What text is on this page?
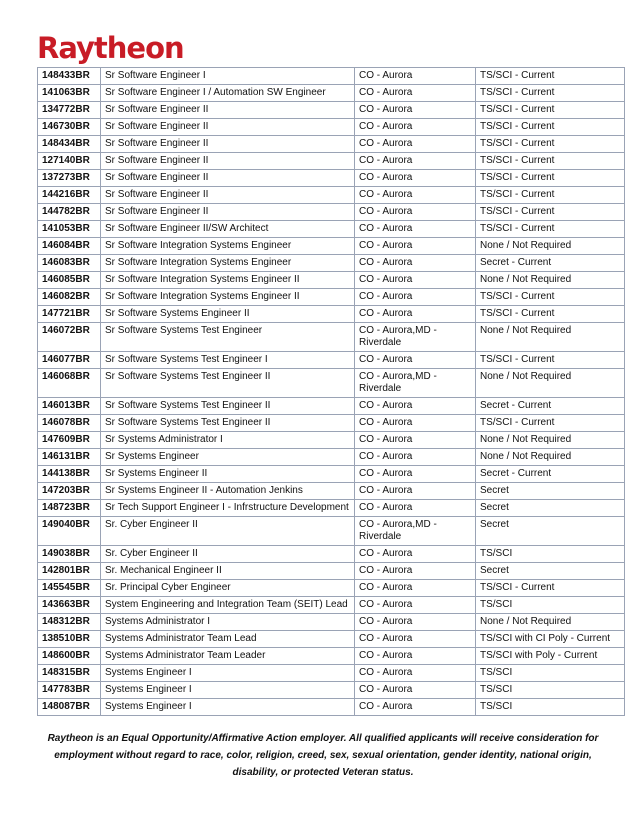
Raytheon
148433BR	Sr Software Engineer I	CO - Aurora	TS/SCI - Current
141063BR	Sr Software Engineer I / Automation SW Engineer	CO - Aurora	TS/SCI - Current
134772BR	Sr Software Engineer II	CO - Aurora	TS/SCI - Current
146730BR	Sr Software Engineer II	CO - Aurora	TS/SCI - Current
148434BR	Sr Software Engineer II	CO - Aurora	TS/SCI - Current
127140BR	Sr Software Engineer II	CO - Aurora	TS/SCI - Current
137273BR	Sr Software Engineer II	CO - Aurora	TS/SCI - Current
144216BR	Sr Software Engineer II	CO - Aurora	TS/SCI - Current
144782BR	Sr Software Engineer II	CO - Aurora	TS/SCI - Current
141053BR	Sr Software Engineer II/SW Architect	CO - Aurora	TS/SCI - Current
146084BR	Sr Software Integration Systems Engineer	CO - Aurora	None / Not Required
146083BR	Sr Software Integration Systems Engineer	CO - Aurora	Secret - Current
146085BR	Sr Software Integration Systems Engineer II	CO - Aurora	None / Not Required
146082BR	Sr Software Integration Systems Engineer II	CO - Aurora	TS/SCI - Current
147721BR	Sr Software Systems Engineer II	CO - Aurora	TS/SCI - Current
146072BR	Sr Software Systems Test Engineer	CO - Aurora,MD - Riverdale	None / Not Required
146077BR	Sr Software Systems Test Engineer I	CO - Aurora	TS/SCI - Current
146068BR	Sr Software Systems Test Engineer II	CO - Aurora,MD - Riverdale	None / Not Required
146013BR	Sr Software Systems Test Engineer II	CO - Aurora	Secret - Current
146078BR	Sr Software Systems Test Engineer II	CO - Aurora	TS/SCI - Current
147609BR	Sr Systems Administrator I	CO - Aurora	None / Not Required
146131BR	Sr Systems Engineer	CO - Aurora	None / Not Required
144138BR	Sr Systems Engineer II	CO - Aurora	Secret - Current
147203BR	Sr Systems Engineer II - Automation Jenkins	CO - Aurora	Secret
148723BR	Sr Tech Support Engineer I - Infrstructure Development	CO - Aurora	Secret
149040BR	Sr. Cyber Engineer II	CO - Aurora,MD - Riverdale	Secret
149038BR	Sr. Cyber Engineer II	CO - Aurora	TS/SCI
142801BR	Sr. Mechanical Engineer II	CO - Aurora	Secret
145545BR	Sr. Principal Cyber Engineer	CO - Aurora	TS/SCI - Current
143663BR	System Engineering and Integration Team (SEIT) Lead	CO - Aurora	TS/SCI
148312BR	Systems Administrator I	CO - Aurora	None / Not Required
138510BR	Systems Administrator Team Lead	CO - Aurora	TS/SCI with CI Poly - Current
148600BR	Systems Administrator Team Leader	CO - Aurora	TS/SCI with Poly - Current
148315BR	Systems Engineer I	CO - Aurora	TS/SCI
147783BR	Systems Engineer I	CO - Aurora	TS/SCI
148087BR	Systems Engineer I	CO - Aurora	TS/SCI
Raytheon is an Equal Opportunity/Affirmative Action employer. All qualified applicants will receive consideration for employment without regard to race, color, religion, creed, sex, sexual orientation, gender identity, national origin, disability, or protected Veteran status.
